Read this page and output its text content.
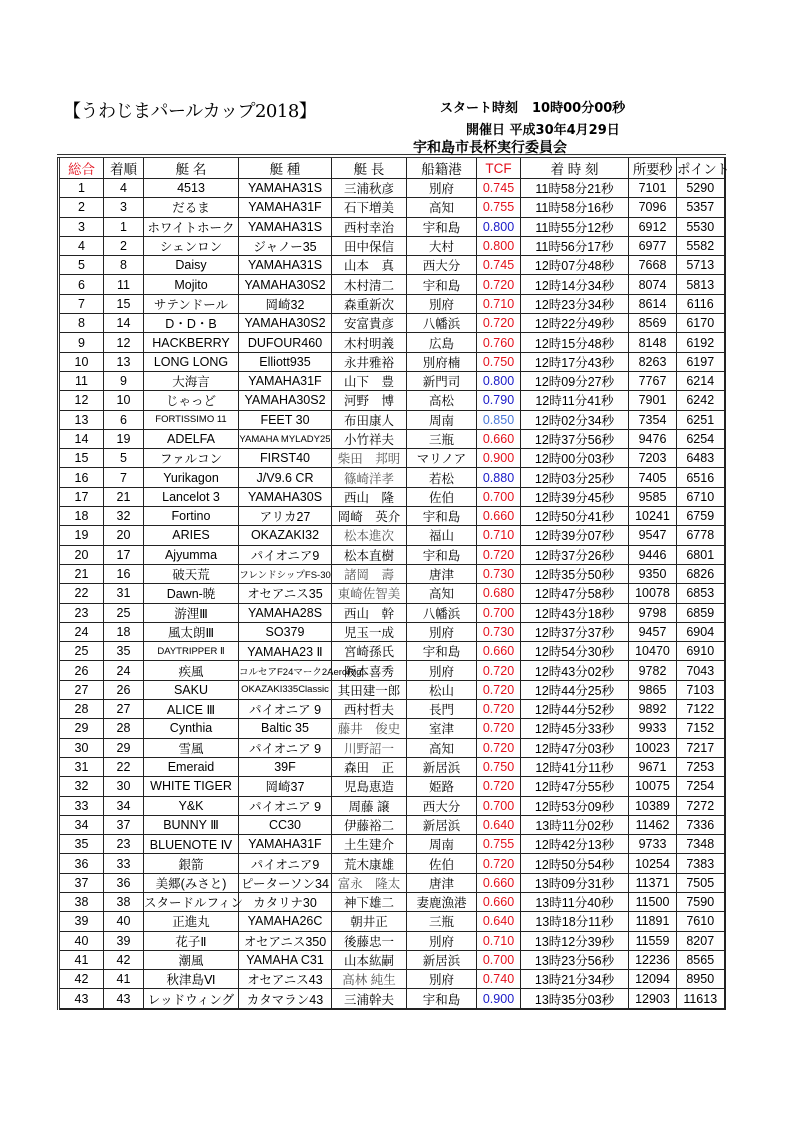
【うわじまパールカップ2018】	スタート時刻 10時00分00秒
開催日 平成30年4月29日
宇和島市長杯実行委員会
総合	着順	艇 名	艇 種	艇 長	船籍港	TCF	着 時 刻	所要秒	ポイント
1	4	4513	YAMAHA31S	三浦秋彦	別府	0.745	11時58分21秒	7101	5290
2	3	だるま	YAMAHA31F	石下増美	高知	0.755	11時58分16秒	7096	5357
3	1	ホワイトホーク	YAMAHA31S	西村幸治	宇和島	0.800	11時55分12秒	6912	5530
4	2	シェンロン	ジャノー35	田中保信	大村	0.800	11時56分17秒	6977	5582
5	8	Daisy	YAMAHA31S	山本　真	西大分	0.745	12時07分48秒	7668	5713
6	11	Mojito	YAMAHA30S2	木村清二	宇和島	0.720	12時14分34秒	8074	5813
7	15	サテンドール	岡崎32	森重新次	別府	0.710	12時23分34秒	8614	6116
8	14	D・D・B	YAMAHA30S2	安富貴彦	八幡浜	0.720	12時22分49秒	8569	6170
9	12	HACKBERRY	DUFOUR460	木村明義	広島	0.760	12時15分48秒	8148	6192
10	13	LONG LONG	Elliott935	永井雅裕	別府楠	0.750	12時17分43秒	8263	6197
11	9	大海言	YAMAHA31F	山下　豊	新門司	0.800	12時09分27秒	7767	6214
12	10	じゃっど	YAMAHA30S2	河野　博	高松	0.790	12時11分41秒	7901	6242
13	6	FORTISSIMO 11	FEET 30	布田康人	周南	0.850	12時02分34秒	7354	6251
14	19	ADELFA	YAMAHA MYLADY25	小竹祥夫	三瓶	0.660	12時37分56秒	9476	6254
15	5	ファルコン	FIRST40	柴田　邦明	マリノア	0.900	12時00分03秒	7203	6483
16	7	Yurikagon	J/V9.6 CR	篠崎洋孝	若松	0.880	12時03分25秒	7405	6516
17	21	Lancelot 3	YAMAHA30S	西山　隆	佐伯	0.700	12時39分45秒	9585	6710
18	32	Fortino	アリカ27	岡崎　英介	宇和島	0.660	12時50分41秒	10241	6759
19	20	ARIES	OKAZAKI32	松本進次	福山	0.710	12時39分07秒	9547	6778
20	17	Ajyumma	パイオニア9	松本直樹	宇和島	0.720	12時37分26秒	9446	6801
21	16	破天荒	フレンドシップFS-30	諸岡　壽	唐津	0.730	12時35分50秒	9350	6826
22	31	Dawn-暁	オセアニス35	東崎佐智美	高知	0.680	12時47分58秒	10078	6853
23	25	游浬Ⅲ	YAMAHA28S	西山　幹	八幡浜	0.700	12時43分18秒	9798	6859
24	18	風太朗Ⅲ	SO379	児玉一成	別府	0.730	12時37分37秒	9457	6904
25	35	DAYTRIPPER Ⅱ	YAMAHA23 Ⅱ	宮崎孫氏	宇和島	0.660	12時54分30秒	10470	6910
26	24	疾風	コルセアF24マーク2AeroRig	阪本喜秀	別府	0.720	12時43分02秒	9782	7043
27	26	SAKU	OKAZAKI335Classic	其田建一郎	松山	0.720	12時44分25秒	9865	7103
28	27	ALICE Ⅲ	パイオニア 9	西村哲夫	長門	0.720	12時44分52秒	9892	7122
29	28	Cynthia	Baltic 35	藤井　俊史	室津	0.720	12時45分33秒	9933	7152
30	29	雪風	パイオニア 9	川野詔一	高知	0.720	12時47分03秒	10023	7217
31	22	Emeraid	39F	森田　正	新居浜	0.750	12時41分11秒	9671	7253
32	30	WHITE TIGER	岡崎37	児島恵造	姫路	0.720	12時47分55秒	10075	7254
33	34	Y&K	パイオニア 9	周藤 譲	西大分	0.700	12時53分09秒	10389	7272
34	37	BUNNY Ⅲ	CC30	伊藤裕二	新居浜	0.640	13時11分02秒	11462	7336
35	23	BLUENOTE Ⅳ	YAMAHA31F	土生建介	周南	0.755	12時42分13秒	9733	7348
36	33	銀箭	パイオニア9	荒木康雄	佐伯	0.720	12時50分54秒	10254	7383
37	36	美郷(みさと)	ピーターソン34	富永　隆太	唐津	0.660	13時09分31秒	11371	7505
38	38	スタードルフィン	カタリナ30	神下雄二	妻鹿漁港	0.660	13時11分40秒	11500	7590
39	40	正進丸	YAMAHA26C	朝井正	三瓶	0.640	13時18分11秒	11891	7610
40	39	花子Ⅱ	オセアニス350	後藤忠一	別府	0.710	13時12分39秒	11559	8207
41	42	潮風	YAMAHA C31	山本紘嗣	新居浜	0.700	13時23分56秒	12236	8565
42	41	秋津島Ⅵ	オセアニス43	高林 純生	別府	0.740	13時21分34秒	12094	8950
43	43	レッドウィング	カタマラン43	三浦幹夫	宇和島	0.900	13時35分03秒	12903	11613
